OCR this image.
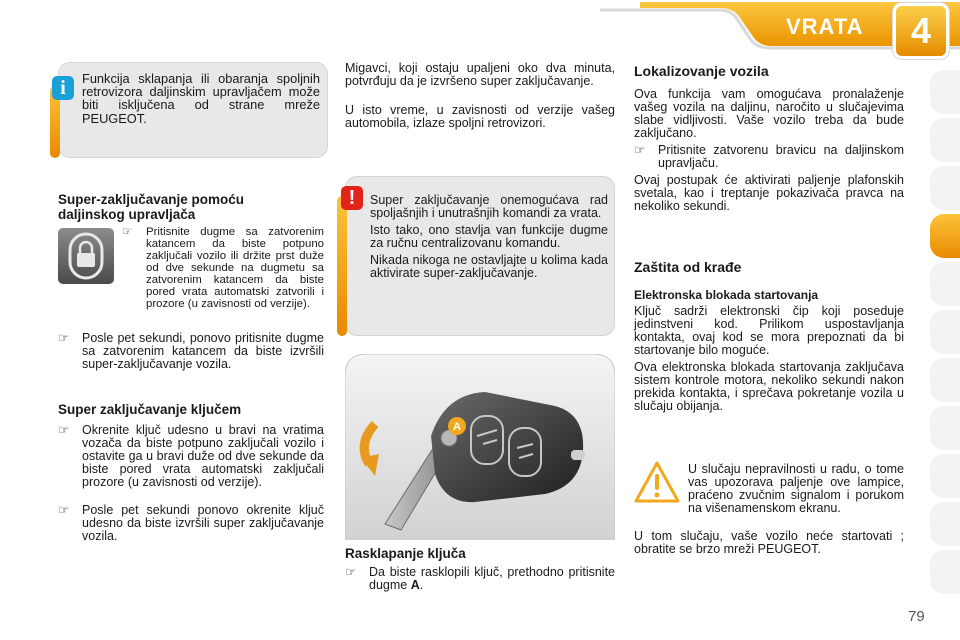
VRATA	4
i	Funkcija sklapanja ili obaranja spoljnih retrovizora daljinskim upravljačem može biti isključena od strane mreže PEUGEOT.
Super-zaključavanje pomoću daljinskog upravljača
☞	Pritisnite dugme sa zatvorenim katancem da biste potpuno zaključali vozilo ili držite prst duže od dve sekunde na dugmetu sa zatvorenim katancem da biste pored vrata automatski zatvorili i prozore (u zavisnosti od verzije).
☞	Posle pet sekundi, ponovo pritisnite dugme sa zatvorenim katancem da biste izvršili super-zaključavanje vozila.
Super zaključavanje ključem
☞	Okrenite ključ udesno u bravi na vratima vozača da biste potpuno zaključali vozilo i ostavite ga u bravi duže od dve sekunde da biste pored vrata automatski zaključali prozore (u zavisnosti od verzije).
☞	Posle pet sekundi ponovo okrenite ključ udesno da biste izvršili super zaključavanje vozila.
Migavci, koji ostaju upaljeni oko dva minuta, potvrđuju da je izvršeno super zaključavanje.
U isto vreme, u zavisnosti od verzije vašeg automobila, izlaze spoljni retrovizori.
!	Super zaključavanje onemogućava rad spoljašnjih i unutrašnjih komandi za vrata.

Isto tako, ono stavlja van funkcije dugme za ručnu centralizovanu komandu.

Nikada nikoga ne ostavljajte u kolima kada aktivirate super-zaključavanje.

A
Rasklapanje ključa
☞	Da biste rasklopili ključ, prethodno pritisnite dugme A.
Lokalizovanje vozila
Ova funkcija vam omogućava pronalaženje vašeg vozila na daljinu, naročito u slučajevima slabe vidljivosti. Vaše vozilo treba da bude zaključano.
☞	Pritisnite zatvorenu bravicu na daljinskom upravljaču.
Ovaj postupak će aktivirati paljenje plafonskih svetala, kao i treptanje pokazivača pravca na nekoliko sekundi.
Zaštita od krađe
Elektronska blokada startovanja
Ključ sadrži elektronski čip koji poseduje jedinstveni kod. Prilikom uspostavljanja kontakta, ovaj kod se mora prepoznati da bi startovanje bilo moguće.
Ova elektronska blokada startovanja zaključava sistem kontrole motora, nekoliko sekundi nakon prekida kontakta, i sprečava pokretanje vozila u slučaju obijanja.
U slučaju nepravilnosti u radu, o tome vas upozorava paljenje ove lampice, praćeno zvučnim signalom i porukom na višenamenskom ekranu.
U tom slučaju, vaše vozilo neće startovati ; obratite se brzo mreži PEUGEOT.
79
